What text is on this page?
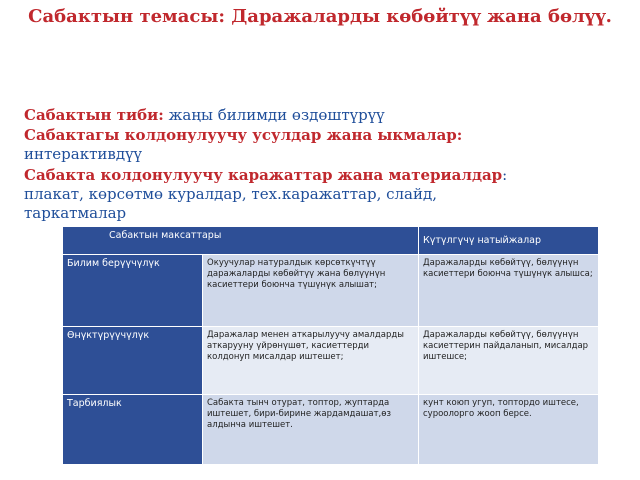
Сабактын темасы: Даражаларды көбөйтүү жана бөлүү.
Сабактын тиби: жаңы билимди өздөштүрүү
Сабактагы колдонулуучу усулдар жана ыкмалар:
интерактивдүү
Сабакта колдонулуучу каражаттар жана материалдар:
плакат, көрсөтмө куралдар, тех.каражаттар, слайд,
таркатмалар
Сабактын максаттары		Күтүлгүчү натыйжалар
Билим берүүчүлүк	Окуучулар натуралдык көрсөткүчтүү даражаларды көбөйтүү жана бөлүүнүн касиеттери боюнча түшүнүк алышат;	Даражаларды көбөйтүү, бөлүүнүн касиеттери боюнча түшүнүк алышса;
Өнүктүрүүчүлүк	Даражалар менен аткарылуучу амалдарды аткарууну үйрөнүшөт, касиеттерди колдонуп мисалдар иштешет;	Даражаларды көбөйтүү, бөлүүнүн касиеттерин пайдаланып, мисалдар иштешсе;
Тарбиялык	Сабакта тынч отурат, топтор, жуптарда иштешет, бири-бирине жардамдашат,өз алдынча иштешет.	кунт коюп угуп, топтордо иштесе, сурoолорго жооп берсе.
